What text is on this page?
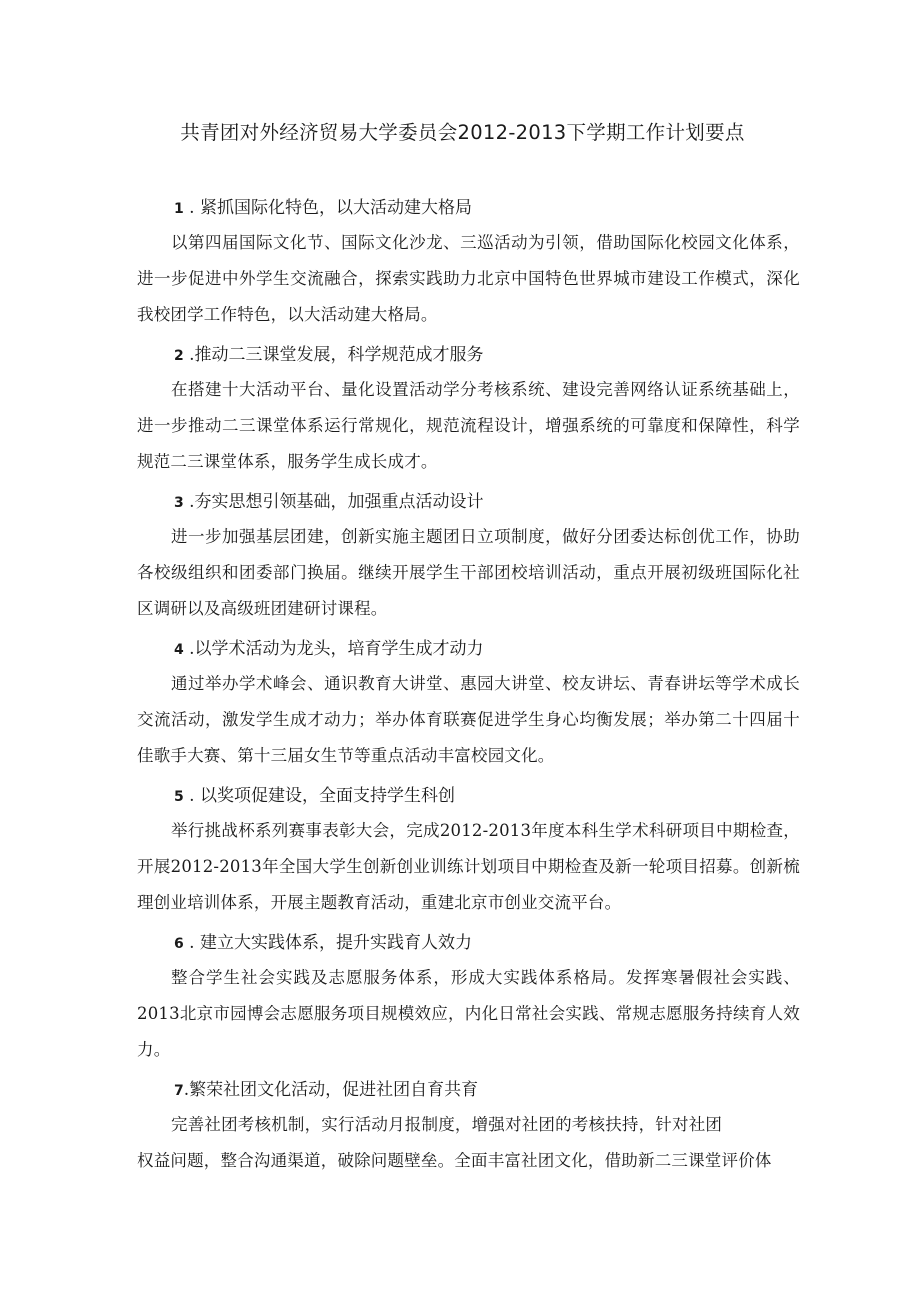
共青团对外经济贸易大学委员会2012-2013下学期工作计划要点
1 . 紧抓国际化特色，以大活动建大格局

以第四届国际文化节、国际文化沙龙、三巡活动为引领，借助国际化校园文化体系，进一步促进中外学生交流融合，探索实践助力北京中国特色世界城市建设工作模式，深化我校团学工作特色，以大活动建大格局。

2 .推动二三课堂发展，科学规范成才服务

在搭建十大活动平台、量化设置活动学分考核系统、建设完善网络认证系统基础上，进一步推动二三课堂体系运行常规化，规范流程设计，增强系统的可靠度和保障性，科学规范二三课堂体系，服务学生成长成才。

3 .夯实思想引领基础，加强重点活动设计

进一步加强基层团建，创新实施主题团日立项制度，做好分团委达标创优工作，协助各校级组织和团委部门换届。继续开展学生干部团校培训活动，重点开展初级班国际化社区调研以及高级班团建研讨课程。

4 .以学术活动为龙头，培育学生成才动力

通过举办学术峰会、通识教育大讲堂、惠园大讲堂、校友讲坛、青春讲坛等学术成长交流活动，激发学生成才动力；举办体育联赛促进学生身心均衡发展；举办第二十四届十佳歌手大赛、第十三届女生节等重点活动丰富校园文化。

5 . 以奖项促建设，全面支持学生科创

举行挑战杯系列赛事表彰大会，完成2012-2013年度本科生学术科研项目中期检查，开展2012-2013年全国大学生创新创业训练计划项目中期检查及新一轮项目招募。创新梳理创业培训体系，开展主题教育活动，重建北京市创业交流平台。

6 . 建立大实践体系，提升实践育人效力

整合学生社会实践及志愿服务体系，形成大实践体系格局。发挥寒暑假社会实践、2013北京市园博会志愿服务项目规模效应，内化日常社会实践、常规志愿服务持续育人效力。

7.繁荣社团文化活动，促进社团自育共育
完善社团考核机制，实行活动月报制度，增强对社团的考核扶持，针对社团
权益问题，整合沟通渠道，破除问题壁垒。全面丰富社团文化，借助新二三课堂评价体
